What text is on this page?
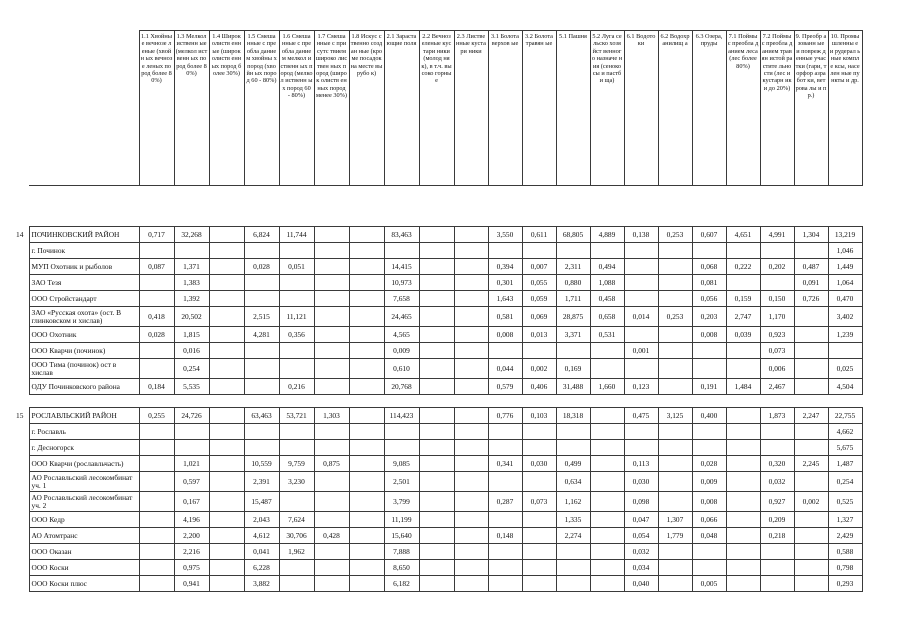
		1.1 Хвойны е вечнозе леные (хвойн ых вечнозе леных пород более 80%)	1.3 Мелкол иственн ые (мелкол иственн ых пород более 80%)	1.4 Широк олиств енные (широк олиств енных пород более 30%)	1.5 Смеша нные с преобла данием хвойны х пород (хвойн ых пород 60 - 80%)	1.6 Смеша нные с преобла данием мелкол иственн ых пород (мелкол иственн ых пород 60 - 80%)	1.7 Смеша нные с присутс твием широко листвен ных пород (широк олиств енных пород менее 30%)	1.8 Искус ственно создан ные (кроме посадок на месте вырубо к)	2.1 Зарастa ющие поля	2.2 Вечноз еленые кустари ники (молод няк), в т.ч. высоко горные	2.3 Листвe нные кустари ники	3.1 Болота верхов ые	3.2 Болота травян ые	5.1 Пашня	5.2 Луга сельско хозяйст венного назначе ния (сеноко сы и пастби ща)	6.1 Водото ки	6.2 Водохр анилищ а	6.3 Озера, пруды	7.1 Поймы с преобла данием леса (лес более 80%)	7.2 Поймы с преобла данием травян истой растите льности (лес и кустарн ики до 20%)	9. Преобр азованн ые и повреж денные участки (гари, торфор азработ ки, ветрова лы и пр.)	10. Промы шленны е и рудерал ьные комплe ксы, населен ные пункты и др.

14	ПОЧИНКОВСКИЙ РАЙОН	0,717	32,268		6,824	11,744			83,463			3,550	0,611	68,805	4,889	0,138	0,253	0,607	4,651	4,991	1,304	13,219
	г. Починок																					1,046
	МУП Охотник и рыболов	0,087	1,371		0,028	0,051			14,415			0,394	0,007	2,311	0,494			0,068	0,222	0,202	0,487	1,449
	ЗАО Тезя		1,383						10,973			0,301	0,055	0,880	1,088			0,081			0,091	1,064
	ООО Стройстандарт		1,392						7,658			1,643	0,059	1,711	0,458			0,056	0,159	0,150	0,726	0,470
	ЗАО «Русская охота» (ост. В глинковском и хислав)	0,418	20,502		2,515	11,121			24,465			0,581	0,069	28,875	0,658	0,014	0,253	0,203	2,747	1,170		3,402
	ООО Охотник	0,028	1,815		4,281	0,356			4,565			0,008	0,013	3,371	0,531			0,008	0,039	0,923		1,239
	ООО Кварчи (починок)		0,016						0,009							0,001				0,073		
	ООО Тима (починок) ост в хислав		0,254						0,610			0,044	0,002	0,169						0,006		0,025
	ОДУ Починковского района	0,184	5,535			0,216			20,768			0,579	0,406	31,488	1,660	0,123		0,191	1,484	2,467		4,504

15	РОСЛАВЛЬСКИЙ РАЙОН	0,255	24,726		63,463	53,721	1,303		114,423			0,776	0,103	18,318		0,475	3,125	0,400		1,873	2,247	22,755
	г. Рославль																					4,662
	г. Десногорск																					5,675
	ООО Кварчи (рославльчасть)		1,021		10,559	9,759	0,875		9,085			0,341	0,030	0,499		0,113		0,028		0,320	2,245	1,487
	АО Рославльский лесокомбинат уч. 1		0,597		2,391	3,230			2,501					0,634		0,030		0,009		0,032		0,254
	АО Рославльский лесокомбинат уч. 2		0,167		15,487				3,799			0,287	0,073	1,162		0,098		0,008		0,927	0,002	0,525
	ООО Кедр		4,196		2,043	7,624			11,199					1,335		0,047	1,307	0,066		0,209		1,327
	АО Атомтранс		2,200		4,612	30,706	0,428		15,640			0,148		2,274		0,054	1,779	0,048		0,218		2,429
	ООО Оказан		2,216		0,041	1,962			7,888							0,032						0,588
	ООО Коски		0,975		6,228				8,650							0,034						0,798
	ООО Коски плюс		0,941		3,882				6,182							0,040		0,005				0,293
